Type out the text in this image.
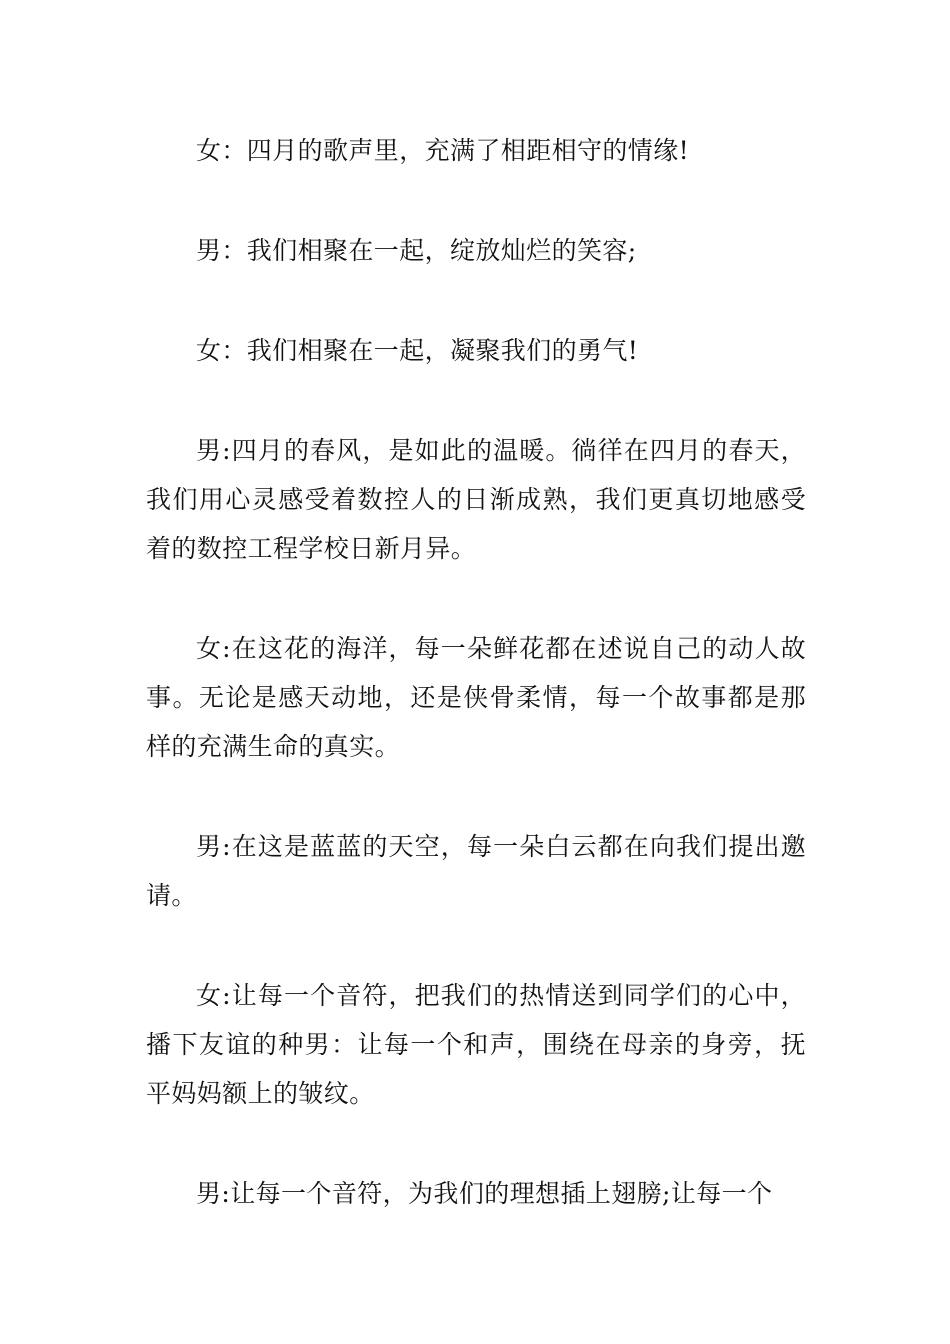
女：四月的歌声里，充满了相距相守的情缘!

男：我们相聚在一起，绽放灿烂的笑容;

女：我们相聚在一起，凝聚我们的勇气!

男:四月的春风，是如此的温暖。徜徉在四月的春天，我们用心灵感受着数控人的日渐成熟，我们更真切地感受着的数控工程学校日新月异。

女:在这花的海洋，每一朵鲜花都在述说自己的动人故事。无论是感天动地，还是侠骨柔情，每一个故事都是那样的充满生命的真实。

男:在这是蓝蓝的天空，每一朵白云都在向我们提出邀请。

女:让每一个音符，把我们的热情送到同学们的心中，播下友谊的种男：让每一个和声，围绕在母亲的身旁，抚平妈妈额上的皱纹。

男:让每一个音符，为我们的理想插上翅膀;让每一个
